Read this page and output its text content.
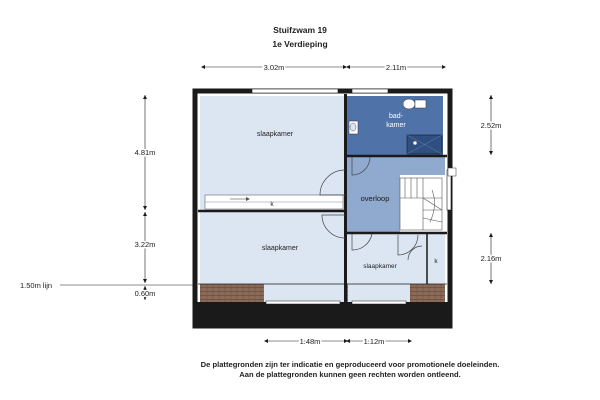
Stuifzwam 19
1e Verdieping
slaapkamer
bad-
kamer
overloop
slaapkamer
slaapkamer
k
k
3.02m	2.11m
4.81m
3.22m
0.60m
2.52m
2.16m
1.48m	1.12m
1.50m lijn
De plattegronden zijn ter indicatie en geproduceerd voor promotionele doeleinden.
Aan de plattegronden kunnen geen rechten worden ontleend.
